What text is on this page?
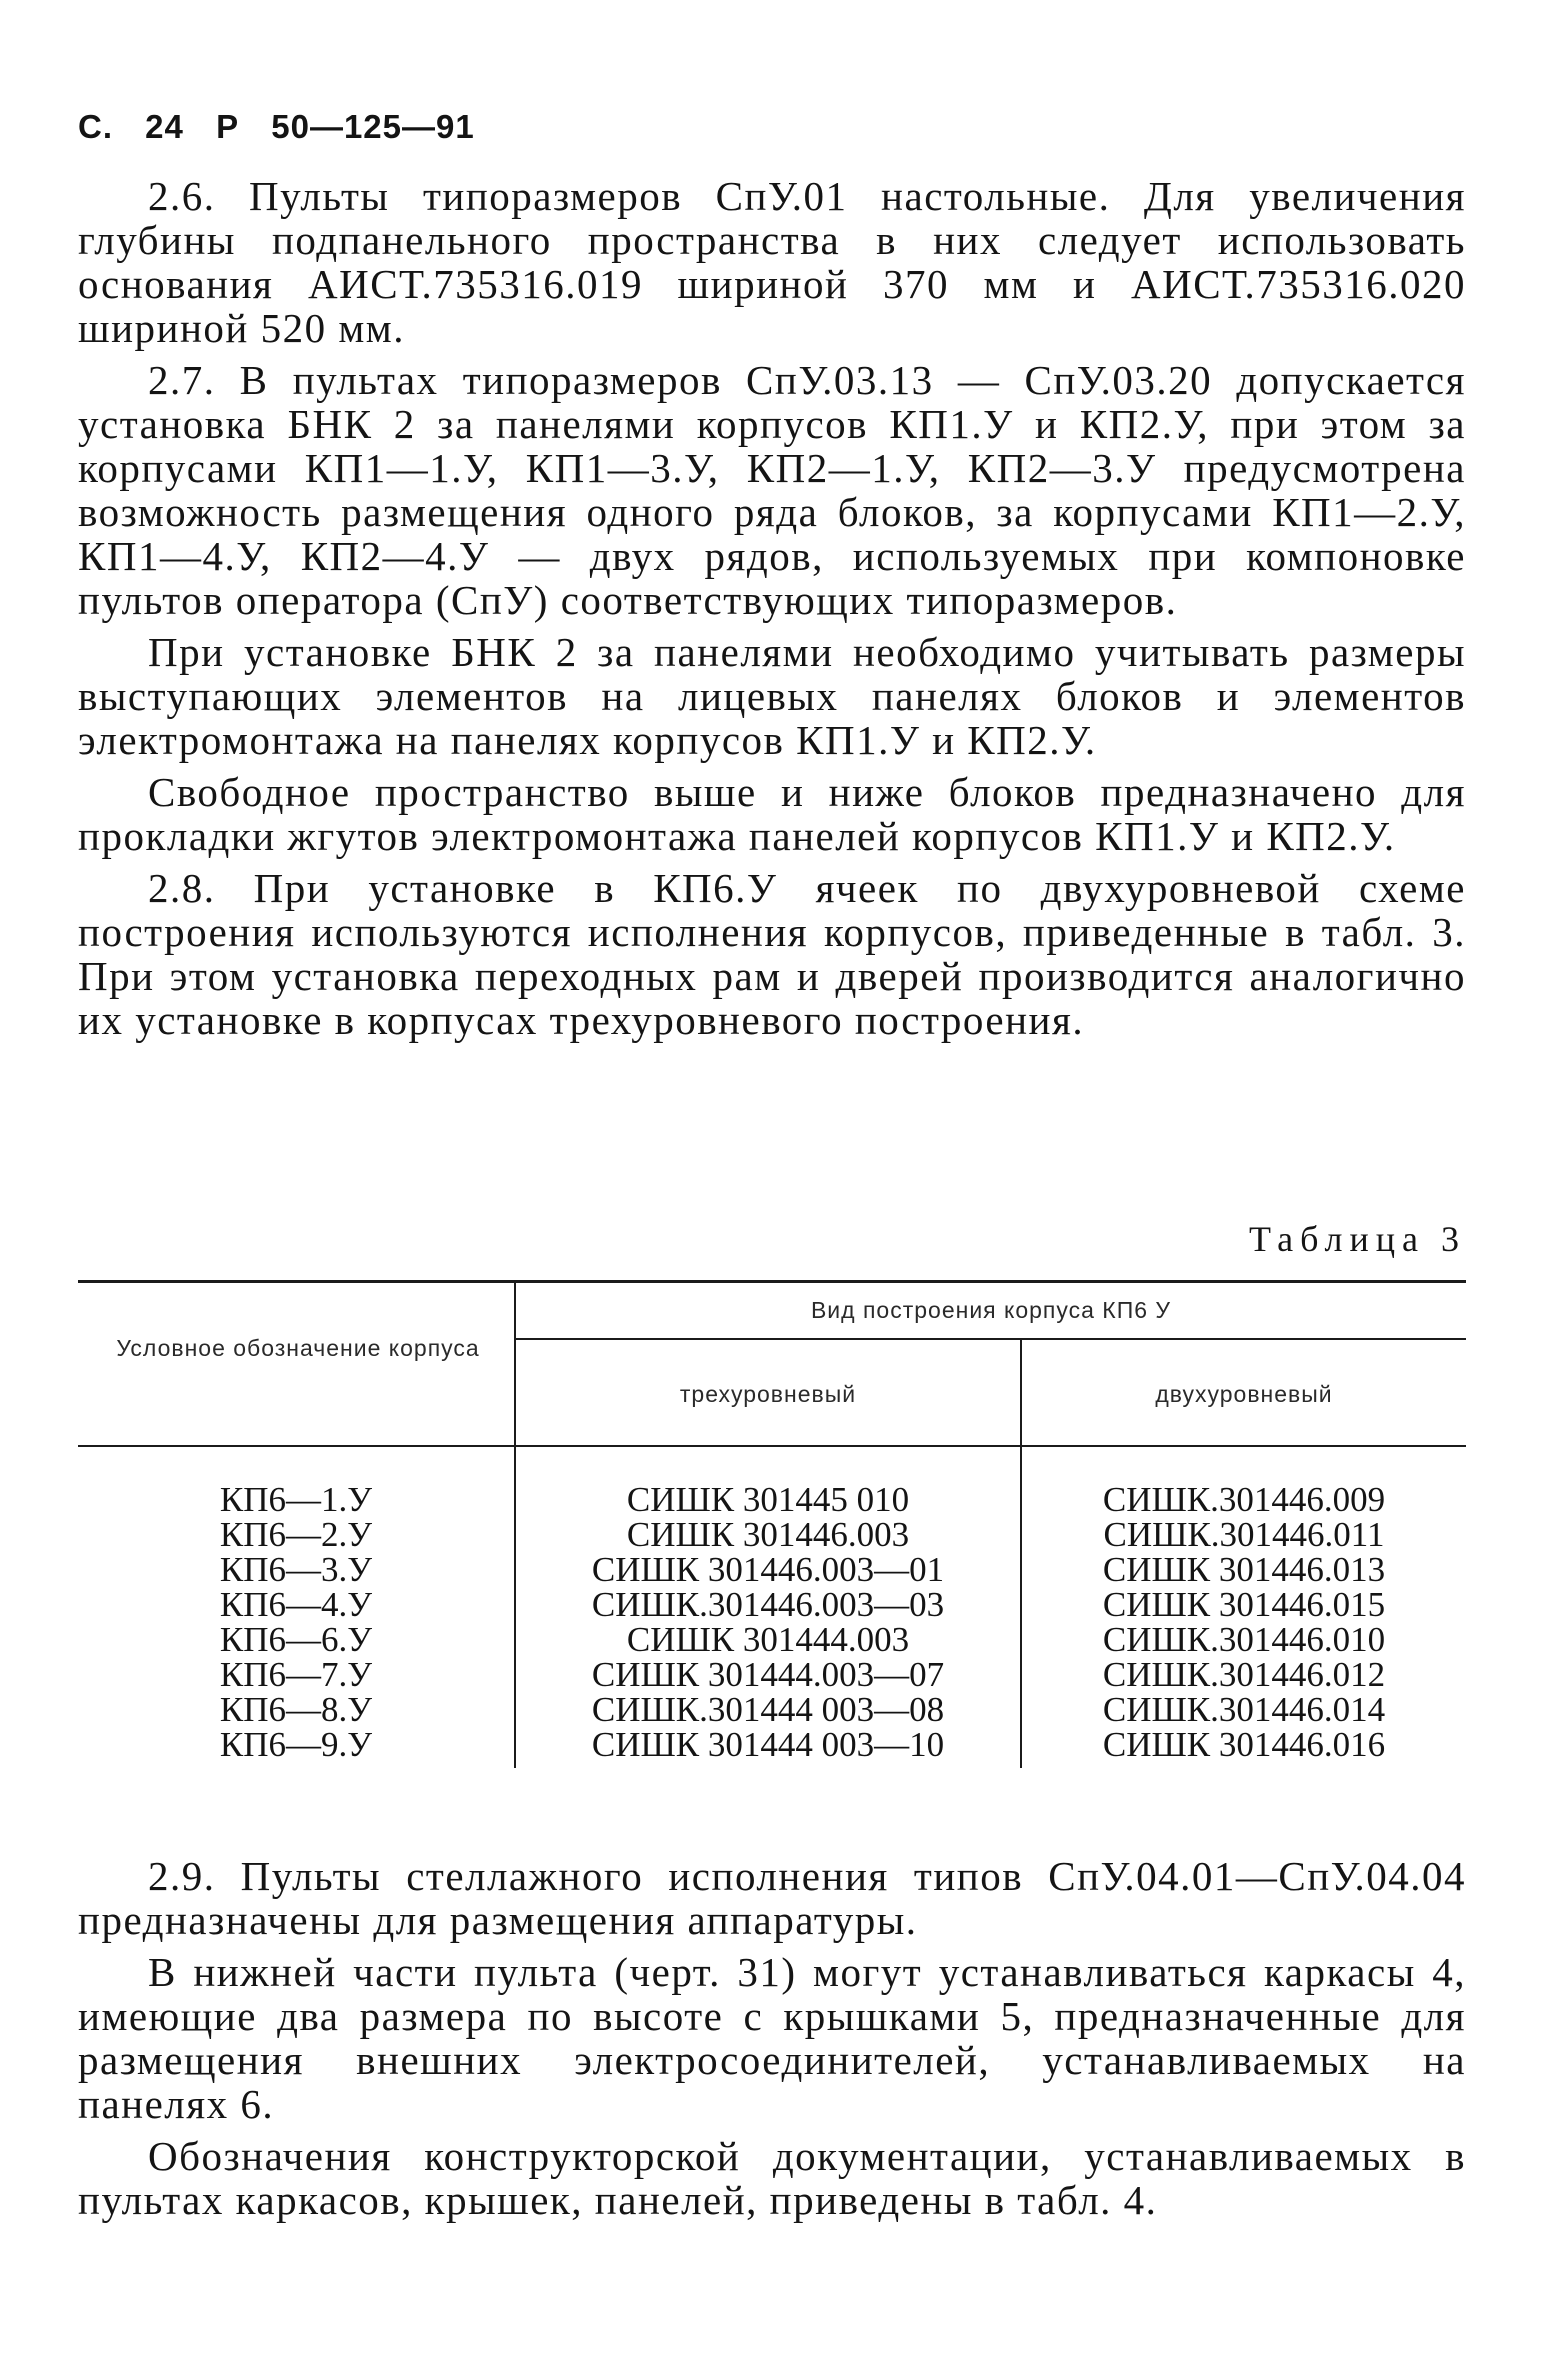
С. 24 Р 50—125—91

2.6. Пульты типоразмеров СпУ.01 настольные. Для увеличения глубины подпанельного пространства в них следует использовать основания АИСТ.735316.019 шириной 370 мм и АИСТ.735316.020 шириной 520 мм.

2.7. В пультах типоразмеров СпУ.03.13 — СпУ.03.20 допускается установка БНК 2 за панелями корпусов КП1.У и КП2.У, при этом за корпусами КП1—1.У, КП1—3.У, КП2—1.У, КП2—3.У предусмотрена возможность размещения одного ряда блоков, за корпусами КП1—2.У, КП1—4.У, КП2—4.У — двух рядов, используемых при компоновке пультов оператора (СпУ) соответствующих типоразмеров.

При установке БНК 2 за панелями необходимо учитывать размеры выступающих элементов на лицевых панелях блоков и элементов электромонтажа на панелях корпусов КП1.У и КП2.У.

Свободное пространство выше и ниже блоков предназначено для прокладки жгутов электромонтажа панелей корпусов КП1.У и КП2.У.

2.8. При установке в КП6.У ячеек по двухуровневой схеме построения используются исполнения корпусов, приведенные в табл. 3. При этом установка переходных рам и дверей производится аналогично их установке в корпусах трехуровневого построения.

Таблица 3
Условное обозначение корпуса
Вид построения корпуса КП6 У
трехуровневый	двухуровневый
КП6—1.У
КП6—2.У
КП6—3.У
КП6—4.У
КП6—6.У
КП6—7.У
КП6—8.У
КП6—9.У
СИШК 301445 010
СИШК 301446.003
СИШК 301446.003—01
СИШК.301446.003—03
СИШК 301444.003
СИШК 301444.003—07
СИШК.301444 003—08
СИШК 301444 003—10
СИШК.301446.009
СИШК.301446.011
СИШК 301446.013
СИШК 301446.015
СИШК.301446.010
СИШК.301446.012
СИШК.301446.014
СИШК 301446.016

2.9. Пульты стеллажного исполнения типов СпУ.04.01—СпУ.04.04 предназначены для размещения аппаратуры.

В нижней части пульта (черт. 31) могут устанавливаться каркасы 4, имеющие два размера по высоте с крышками 5, предназначенные для размещения внешних электросоединителей, устанавливаемых на панелях 6.

Обозначения конструкторской документации, устанавливаемых в пультах каркасов, крышек, панелей, приведены в табл. 4.
